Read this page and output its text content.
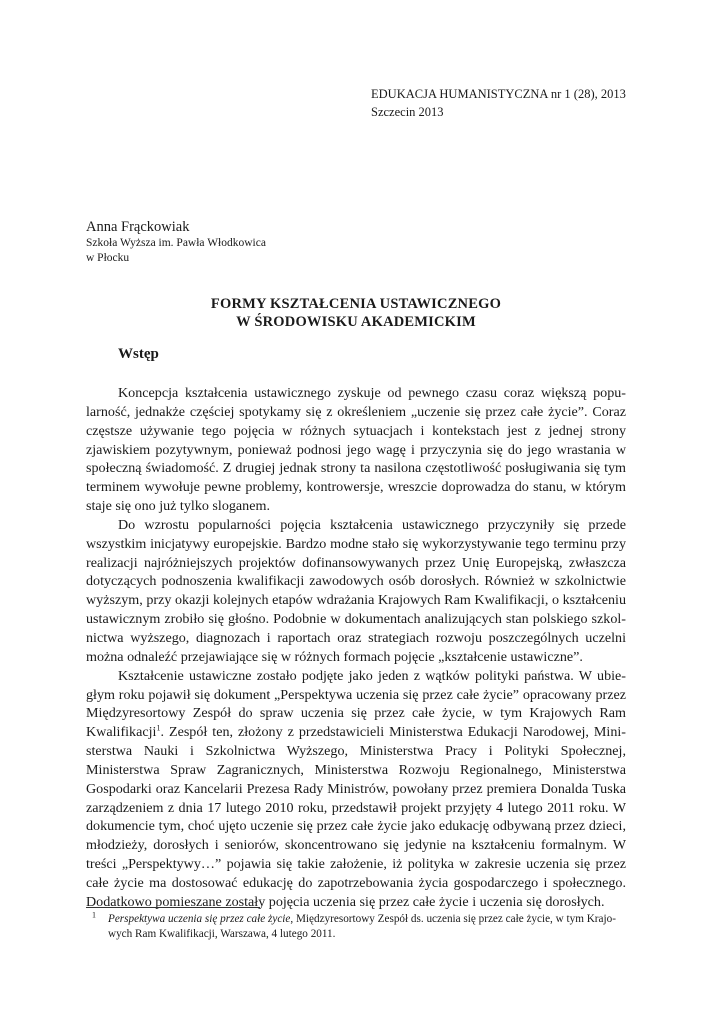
EDUKACJA HUMANISTYCZNA nr 1 (28), 2013
Szczecin 2013
Anna Frąckowiak
Szkoła Wyższa im. Pawła Włodkowica
w Płocku
FORMY KSZTAŁCENIA USTAWICZNEGO
W ŚRODOWISKU AKADEMICKIM
Wstęp

Koncepcja kształcenia ustawicznego zyskuje od pewnego czasu coraz większą popularność, jednakże częściej spotykamy się z określeniem „uczenie się przez całe życie”. Coraz częstsze używanie tego pojęcia w różnych sytuacjach i kontekstach jest z jednej strony zjawiskiem pozytywnym, ponieważ podnosi jego wagę i przyczynia się do jego wrastania w społeczną świadomość. Z drugiej jednak strony ta nasilona częstotliwość posługiwania się tym terminem wywołuje pewne problemy, kontrowersje, wreszcie doprowadza do stanu, w którym staje się ono już tylko sloganem.

Do wzrostu popularności pojęcia kształcenia ustawicznego przyczyniły się przede wszystkim inicjatywy europejskie. Bardzo modne stało się wykorzystywanie tego terminu przy realizacji najróżniejszych projektów dofinansowywanych przez Unię Europejską, zwłaszcza dotyczących podnoszenia kwalifikacji zawodowych osób dorosłych. Również w szkolnictwie wyższym, przy okazji kolejnych etapów wdrażania Krajowych Ram Kwalifikacji, o kształceniu ustawicznym zrobiło się głośno. Podobnie w dokumentach analizujących stan polskiego szkolnictwa wyższego, diagnozach i raportach oraz strategiach rozwoju poszczególnych uczelni można odnaleźć przejawiające się w różnych formach pojęcie „kształcenie ustawiczne”.

Kształcenie ustawiczne zostało podjęte jako jeden z wątków polityki państwa. W ubiegłym roku pojawił się dokument „Perspektywa uczenia się przez całe życie” opracowany przez Międzyresortowy Zespół do spraw uczenia się przez całe życie, w tym Krajowych Ram Kwalifikacji$^1$. Zespół ten, złożony z przedstawicieli Ministerstwa Edukacji Narodowej, Ministerstwa Nauki i Szkolnictwa Wyższego, Ministerstwa Pracy i Polityki Społecznej, Ministerstwa Spraw Zagranicznych, Ministerstwa Rozwoju Regionalnego, Ministerstwa Gospodarki oraz Kancelarii Prezesa Rady Ministrów, powołany przez premiera Donalda Tuska zarządzeniem z dnia 17 lutego 2010 roku, przedstawił projekt przyjęty 4 lutego 2011 roku. W dokumencie tym, choć ujęto uczenie się przez całe życie jako edukację odbywaną przez dzieci, młodzieży, dorosłych i seniorów, skoncentrowano się jedynie na kształceniu formalnym. W treści „Perspektywy…” pojawia się takie założenie, iż polityka w zakresie uczenia się przez całe życie ma dostosować edukację do zapotrzebowania życia gospodarczego i społecznego. Dodatkowo pomieszane zostały pojęcia uczenia się przez całe życie i uczenia się dorosłych.

$^1$ Perspektywa uczenia się przez całe życie, Międzyresortowy Zespół ds. uczenia się przez całe życie, w tym Krajo-
wych Ram Kwalifikacji, Warszawa, 4 lutego 2011.
